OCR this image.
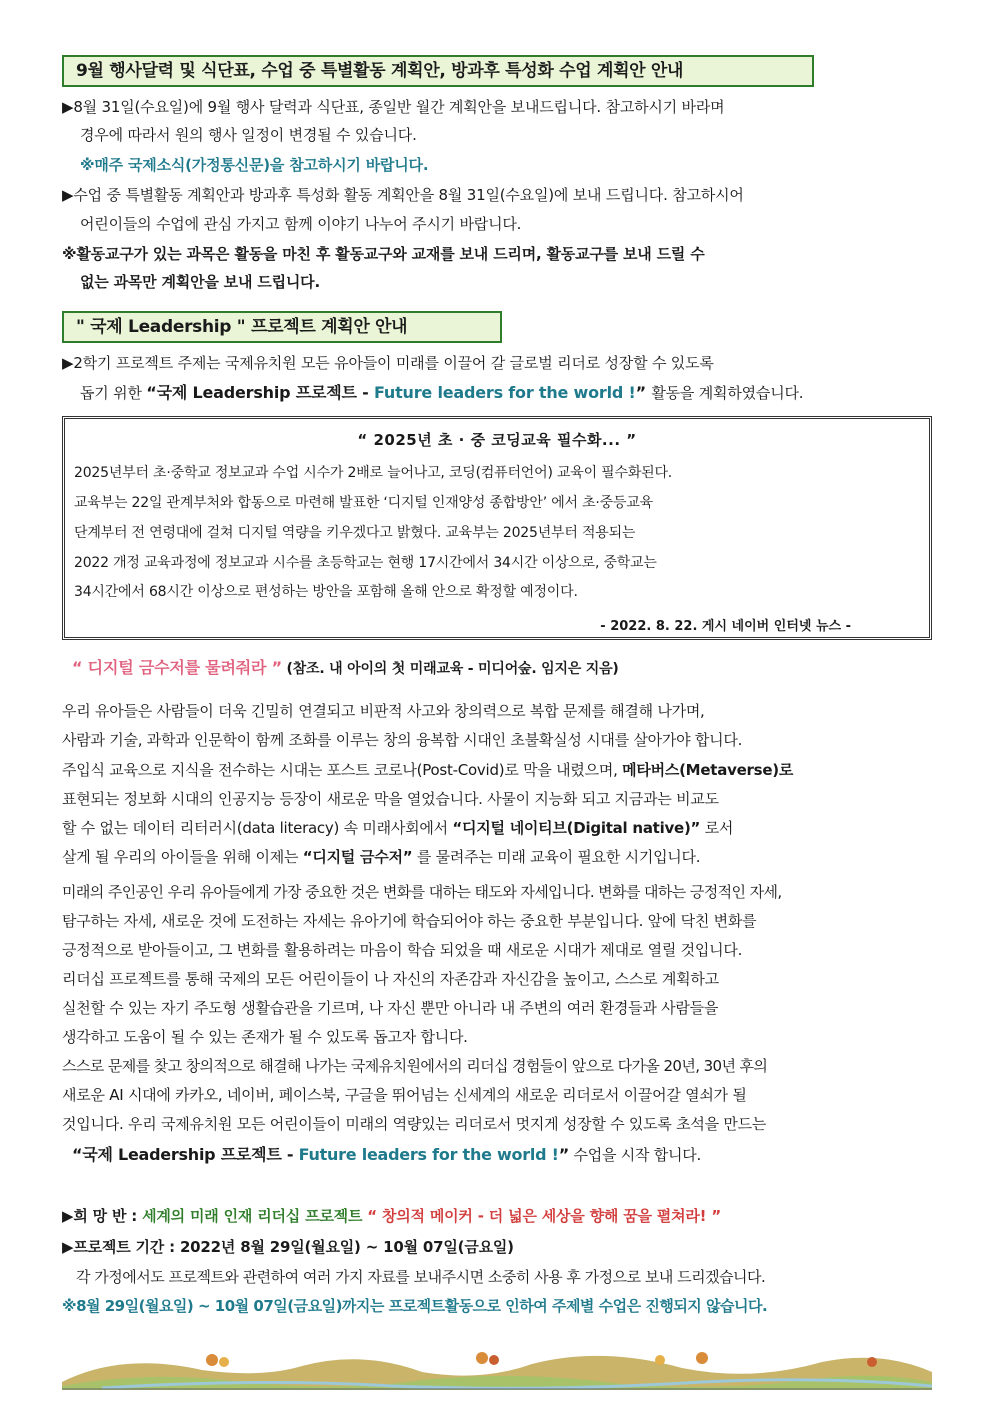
9월 행사달력 및 식단표, 수업 중 특별활동 계획안, 방과후 특성화 수업 계획안 안내
▶8월 31일(수요일)에 9월 행사 달력과 식단표, 종일반 월간 계획안을 보내드립니다. 참고하시기 바라며
경우에 따라서 원의 행사 일정이 변경될 수 있습니다.
※매주 국제소식(가정통신문)을 참고하시기 바랍니다.
▶수업 중 특별활동 계획안과 방과후 특성화 활동 계획안을 8월 31일(수요일)에 보내 드립니다. 참고하시어
어린이들의 수업에 관심 가지고 함께 이야기 나누어 주시기 바랍니다.
※활동교구가 있는 과목은 활동을 마친 후 활동교구와 교재를 보내 드리며, 활동교구를 보내 드릴 수
없는 과목만 계획안을 보내 드립니다.
" 국제 Leadership " 프로젝트 계획안 안내
▶2학기 프로젝트 주제는 국제유치원 모든 유아들이 미래를 이끌어 갈 글로벌 리더로 성장할 수 있도록
돕기 위한 “국제 Leadership 프로젝트 - Future leaders for the world !” 활동을 계획하였습니다.
“ 2025년 초 · 중 코딩교육 필수화... ”
2025년부터 초·중학교 정보교과 수업 시수가 2배로 늘어나고, 코딩(컴퓨터언어) 교육이 필수화된다.
교육부는 22일 관계부처와 합동으로 마련해 발표한 ‘디지털 인재양성 종합방안’ 에서 초·중등교육
단계부터 전 연령대에 걸쳐 디지털 역량을 키우겠다고 밝혔다. 교육부는 2025년부터 적용되는
2022 개정 교육과정에 정보교과 시수를 초등학교는 현행 17시간에서 34시간 이상으로, 중학교는
34시간에서 68시간 이상으로 편성하는 방안을 포함해 올해 안으로 확정할 예정이다.
- 2022. 8. 22. 게시 네이버 인터넷 뉴스 -
“ 디지털 금수저를 물려줘라 ” (참조. 내 아이의 첫 미래교육 - 미디어숲. 임지은 지음)
우리 유아들은 사람들이 더욱 긴밀히 연결되고 비판적 사고와 창의력으로 복합 문제를 해결해 나가며,
사람과 기술, 과학과 인문학이 함께 조화를 이루는 창의 융복합 시대인 초불확실성 시대를 살아가야 합니다.
주입식 교육으로 지식을 전수하는 시대는 포스트 코로나(Post-Covid)로 막을 내렸으며, 메타버스(Metaverse)로
표현되는 정보화 시대의 인공지능 등장이 새로운 막을 열었습니다. 사물이 지능화 되고 지금과는 비교도
할 수 없는 데이터 리터러시(data literacy) 속 미래사회에서 “디지털 네이티브(Digital native)” 로서
살게 될 우리의 아이들을 위해 이제는 “디지털 금수저” 를 물려주는 미래 교육이 필요한 시기입니다.
미래의 주인공인 우리 유아들에게 가장 중요한 것은 변화를 대하는 태도와 자세입니다. 변화를 대하는 긍정적인 자세,
탐구하는 자세, 새로운 것에 도전하는 자세는 유아기에 학습되어야 하는 중요한 부분입니다. 앞에 닥친 변화를
긍정적으로 받아들이고, 그 변화를 활용하려는 마음이 학습 되었을 때 새로운 시대가 제대로 열릴 것입니다.
리더십 프로젝트를 통해 국제의 모든 어린이들이 나 자신의 자존감과 자신감을 높이고, 스스로 계획하고
실천할 수 있는 자기 주도형 생활습관을 기르며, 나 자신 뿐만 아니라 내 주변의 여러 환경들과 사람들을
생각하고 도움이 될 수 있는 존재가 될 수 있도록 돕고자 합니다.
스스로 문제를 찾고 창의적으로 해결해 나가는 국제유치원에서의 리더십 경험들이 앞으로 다가올 20년, 30년 후의
새로운 AI 시대에 카카오, 네이버, 페이스북, 구글을 뛰어넘는 신세계의 새로운 리더로서 이끌어갈 열쇠가 될
것입니다. 우리 국제유치원 모든 어린이들이 미래의 역량있는 리더로서 멋지게 성장할 수 있도록 초석을 만드는
“국제 Leadership 프로젝트 - Future leaders for the world !” 수업을 시작 합니다.
▶희 망 반 : 세계의 미래 인재 리더십 프로젝트 “ 창의적 메이커 - 더 넓은 세상을 향해 꿈을 펼쳐라! ”
▶프로젝트 기간 : 2022년 8월 29일(월요일) ~ 10월 07일(금요일)
각 가정에서도 프로젝트와 관련하여 여러 가지 자료를 보내주시면 소중히 사용 후 가정으로 보내 드리겠습니다.
※8월 29일(월요일) ~ 10월 07일(금요일)까지는 프로젝트활동으로 인하여 주제별 수업은 진행되지 않습니다.
